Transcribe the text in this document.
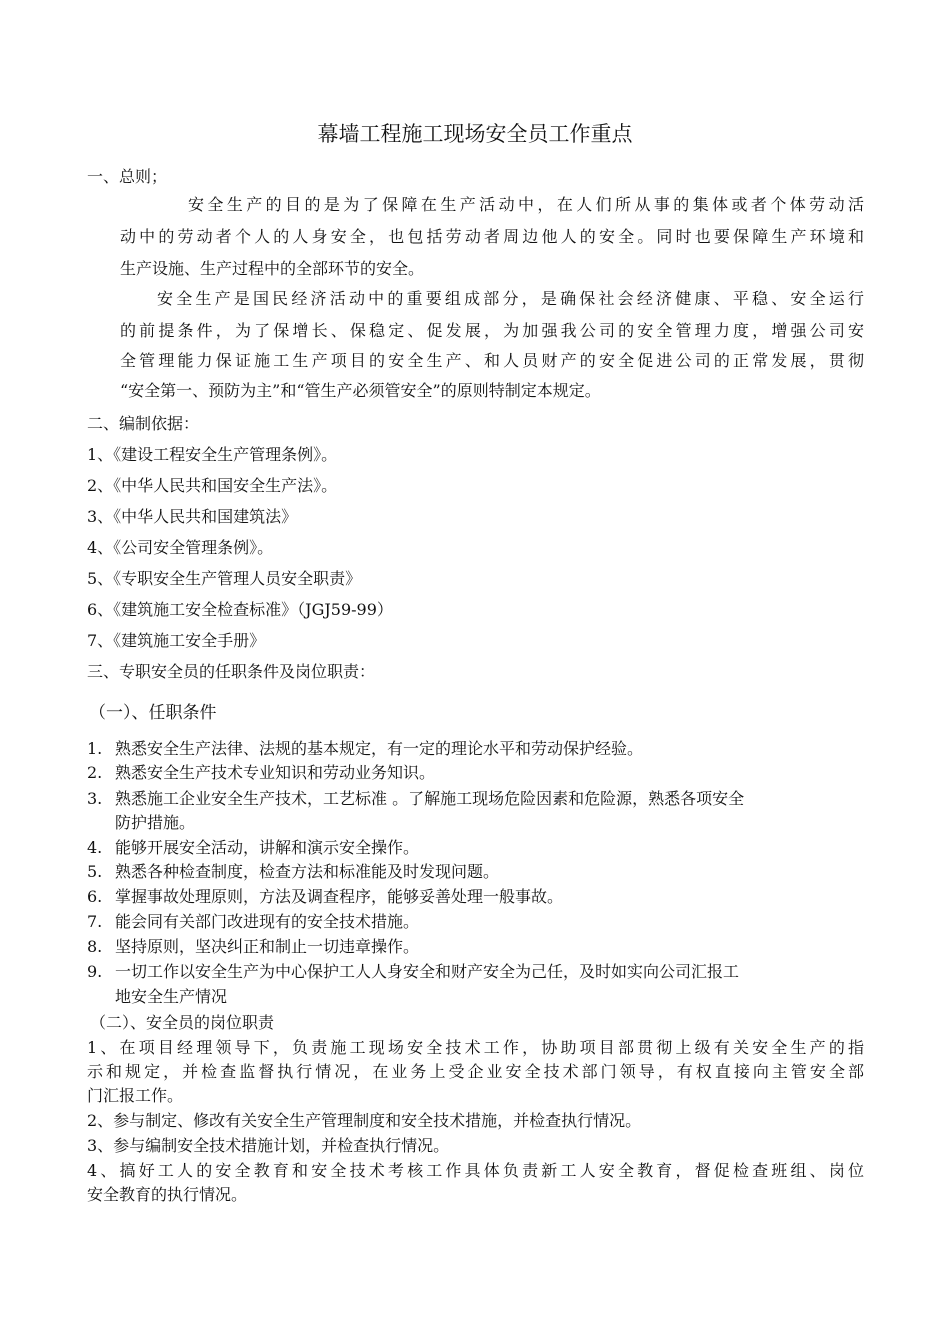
幕墙工程施工现场安全员工作重点
一、总则；
安全生产的目的是为了保障在生产活动中，在人们所从事的集体或者个体劳动活
动中的劳动者个人的人身安全，也包括劳动者周边他人的安全。同时也要保障生产环境和
生产设施、生产过程中的全部环节的安全。
安全生产是国民经济活动中的重要组成部分，是确保社会经济健康、平稳、安全运行
的前提条件，为了保增长、保稳定、促发展，为加强我公司的安全管理力度，增强公司安
全管理能力保证施工生产项目的安全生产、和人员财产的安全促进公司的正常发展，贯彻
“安全第一、预防为主”和“管生产必须管安全”的原则特制定本规定。
二、编制依据：
1、《建设工程安全生产管理条例》。
2、《中华人民共和国安全生产法》。
3、《中华人民共和国建筑法》
4、《公司安全管理条例》。
5、《专职安全生产管理人员安全职责》
6、《建筑施工安全检查标准》（JGJ59-99）
7、《建筑施工安全手册》
三、专职安全员的任职条件及岗位职责：
（一）、任职条件
1. 熟悉安全生产法律、法规的基本规定，有一定的理论水平和劳动保护经验。
2. 熟悉安全生产技术专业知识和劳动业务知识。
3. 熟悉施工企业安全生产技术，工艺标准 。了解施工现场危险因素和危险源，熟悉各项安全
防护措施。
4. 能够开展安全活动，讲解和演示安全操作。
5. 熟悉各种检查制度，检查方法和标准能及时发现问题。
6. 掌握事故处理原则，方法及调查程序，能够妥善处理一般事故。
7. 能会同有关部门改进现有的安全技术措施。
8. 坚持原则，坚决纠正和制止一切违章操作。
9. 一切工作以安全生产为中心保护工人人身安全和财产安全为己任，及时如实向公司汇报工
地安全生产情况
（二）、安全员的岗位职责
1、在项目经理领导下，负责施工现场安全技术工作，协助项目部贯彻上级有关安全生产的指
示和规定，并检查监督执行情况，在业务上受企业安全技术部门领导，有权直接向主管安全部
门汇报工作。
2、参与制定、修改有关安全生产管理制度和安全技术措施，并检查执行情况。
3、参与编制安全技术措施计划，并检查执行情况。
4、搞好工人的安全教育和安全技术考核工作具体负责新工人安全教育，督促检查班组、岗位
安全教育的执行情况。
